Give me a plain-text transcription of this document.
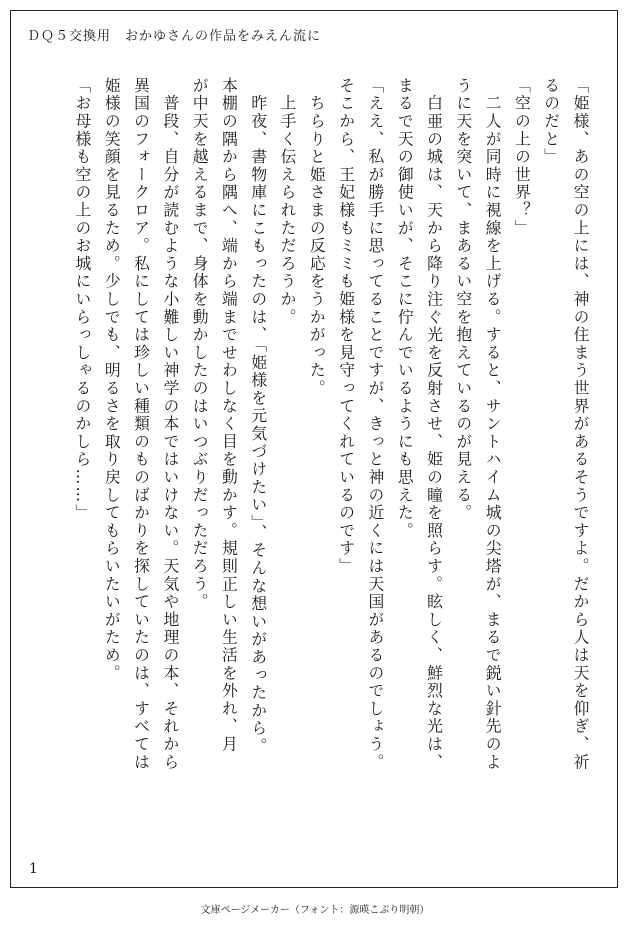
ＤＱ５交換用　おかゆさんの作品をみえん流に

「姫様、あの空の上には、神の住まう世界があるそうですよ。だから人は天を仰ぎ、祈

るのだと」

「空の上の世界？」

　二人が同時に視線を上げる。すると、サントハイム城の尖塔が、まるで鋭い針先のよ

うに天を突いて、まあるい空を抱えているのが見える。

　白亜の城は、天から降り注ぐ光を反射させ、姫の瞳を照らす。眩しく、鮮烈な光は、

まるで天の御使いが、そこに佇んでいるようにも思えた。

「ええ、私が勝手に思ってることですが、きっと神の近くには天国があるのでしょう。

そこから、王妃様もミミも姫様を見守ってくれているのです」

　ちらりと姫さまの反応をうかがった。

　上手く伝えられただろうか。

　昨夜、書物庫にこもったのは、「姫様を元気づけたい」、そんな想いがあったから。

本棚の隅から隅へ、端から端までせわしなく目を動かす。規則正しい生活を外れ、月

が中天を越えるまで、身体を動かしたのはいつぶりだっただろう。

　普段、自分が読むような小難しい神学の本ではいけない。天気や地理の本、それから

異国のフォークロア。私にしては珍しい種類のものばかりを探していたのは、すべては

姫様の笑顔を見るため。少しでも、明るさを取り戻してもらいたいがため。

「お母様も空の上のお城にいらっしゃるのかしら……」

1
文庫ページメーカー（フォント：源暎こぶり明朝）
